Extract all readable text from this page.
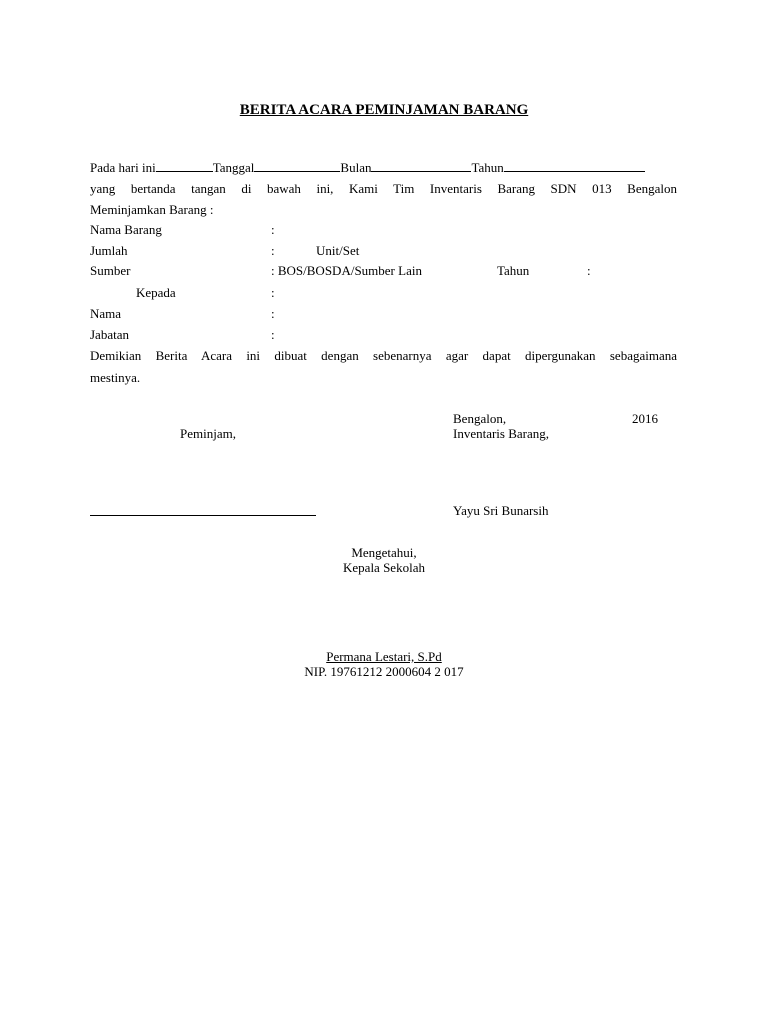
BERITA ACARA PEMINJAMAN BARANG
Pada hari ini	Tanggal	Bulan	Tahun
yang bertanda tangan di bawah ini, Kami Tim Inventaris Barang SDN 013 Bengalon
Meminjamkan Barang :
Nama Barang	:
Jumlah	:	Unit/Set
Sumber	: BOS/BOSDA/Sumber Lain	Tahun	:
Kepada	:
Nama	:
Jabatan	:
Demikian Berita Acara ini dibuat dengan sebenarnya agar dapat dipergunakan sebagaimana
mestinya.
Bengalon,	2016
Peminjam,	Inventaris Barang,
Yayu Sri Bunarsih
Mengetahui,
Kepala Sekolah
Permana Lestari, S.Pd
NIP. 19761212 2000604 2 017
